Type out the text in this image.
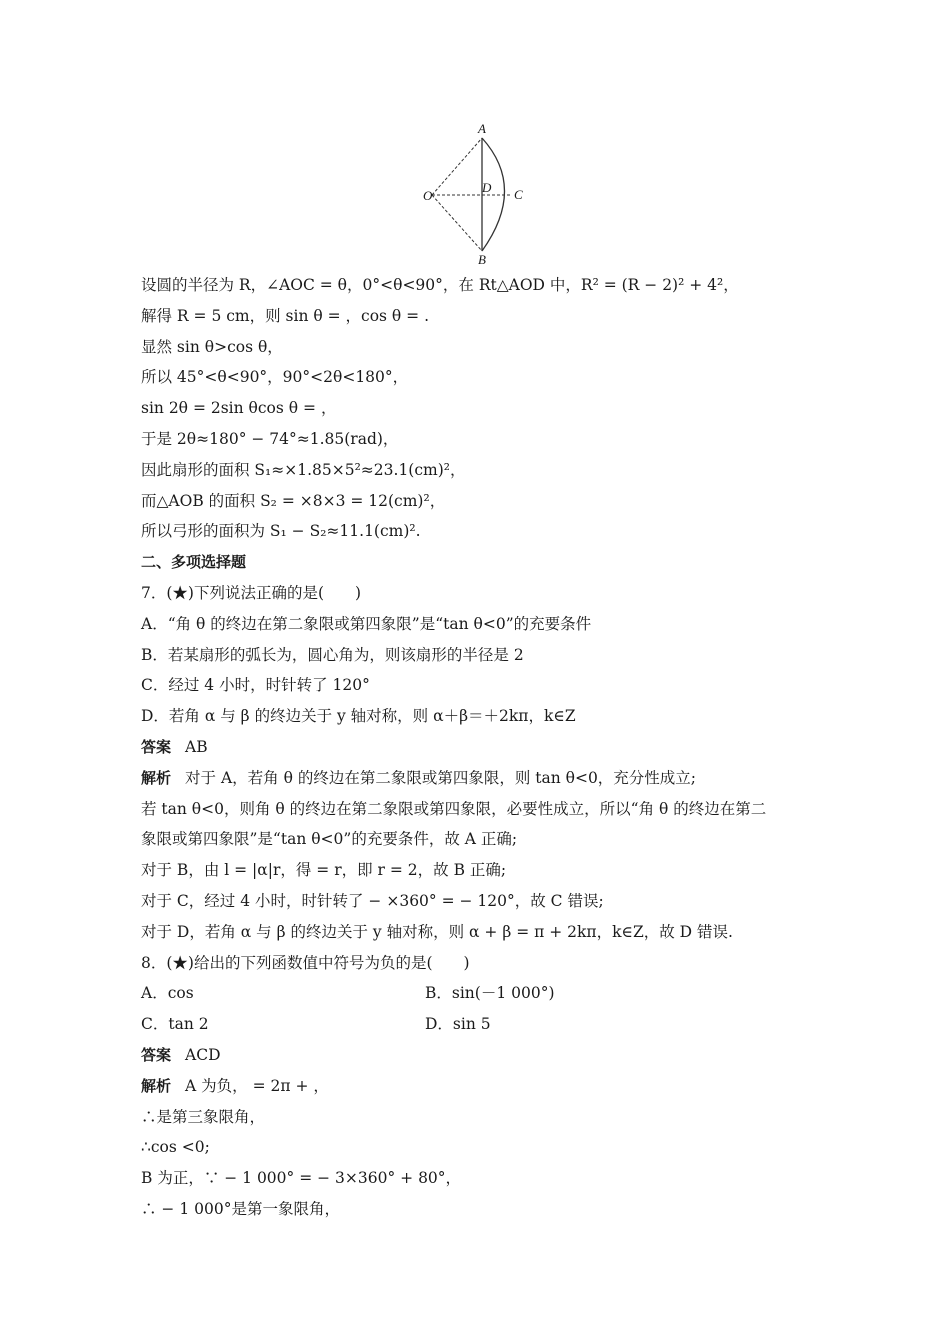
A
B
C
D
O
设圆的半径为 R，∠AOC = θ，0°<θ<90°，在 Rt△AOD 中，R² = (R − 2)² + 4²，
解得 R = 5 cm，则 sin θ = ，cos θ = .
显然 sin θ>cos θ，
所以 45°<θ<90°，90°<2θ<180°，
sin 2θ = 2sin θcos θ = ，
于是 2θ≈180° − 74°≈1.85(rad)，
因此扇形的面积 S₁≈×1.85×5²≈23.1(cm)²，
而△AOB 的面积 S₂ = ×8×3 = 12(cm)²，
所以弓形的面积为 S₁ − S₂≈11.1(cm)².
二、多项选择题
7．(★)下列说法正确的是(　　)
A．“角 θ 的终边在第二象限或第四象限”是“tan θ<0”的充要条件
B．若某扇形的弧长为，圆心角为，则该扇形的半径是 2
C．经过 4 小时，时针转了 120°
D．若角 α 与 β 的终边关于 y 轴对称，则 α＋β＝＋2kπ，k∈Z
答案 AB
解析 对于 A，若角 θ 的终边在第二象限或第四象限，则 tan θ<0，充分性成立;
若 tan θ<0，则角 θ 的终边在第二象限或第四象限，必要性成立，所以“角 θ 的终边在第二
象限或第四象限”是“tan θ<0”的充要条件，故 A 正确;
对于 B，由 l = |α|r，得 = r，即 r = 2，故 B 正确;
对于 C，经过 4 小时，时针转了 − ×360° = − 120°，故 C 错误;
对于 D，若角 α 与 β 的终边关于 y 轴对称，则 α + β = π + 2kπ，k∈Z，故 D 错误.
8．(★)给出的下列函数值中符号为负的是(　　)
A．cos	B．sin(－1 000°)
C．tan 2	D．sin 5
答案 ACD
解析 A 为负， = 2π + ，
∴是第三象限角，
∴cos <0;
B 为正，∵ − 1 000° = − 3×360° + 80°，
∴ − 1 000°是第一象限角，
